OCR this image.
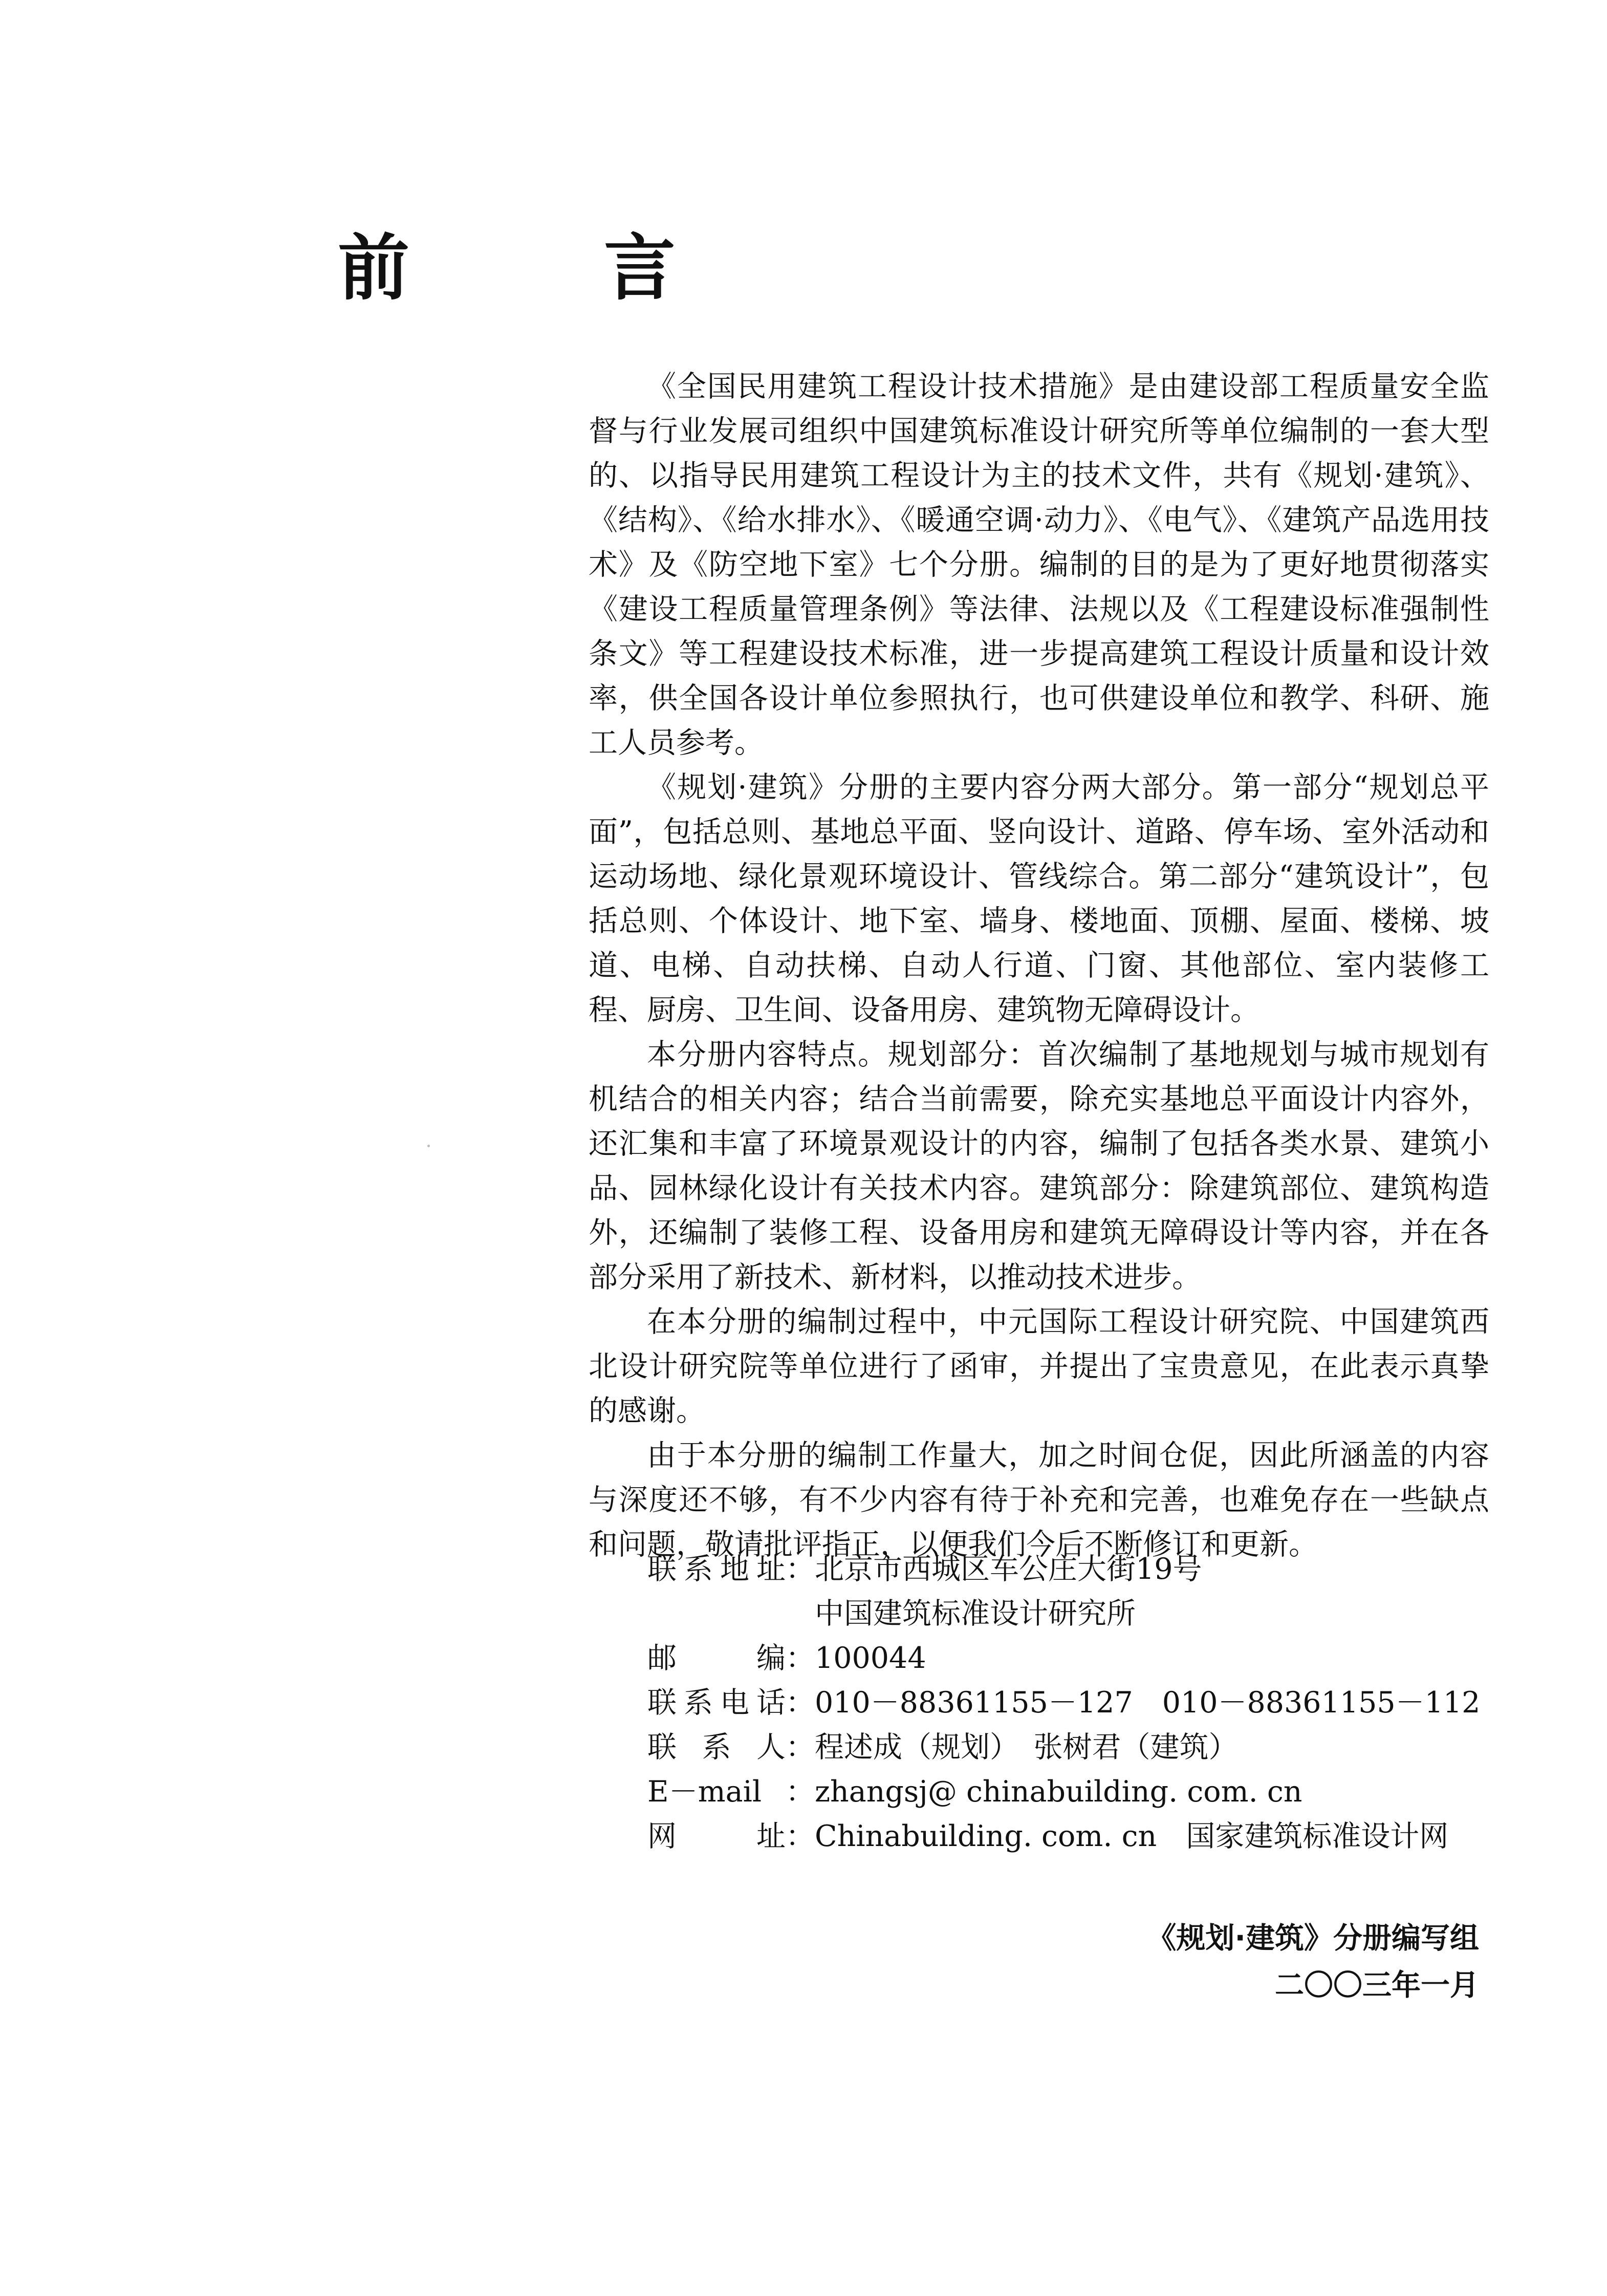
前　言

《全国民用建筑工程设计技术措施》是由建设部工程质量安全监督与行业发展司组织中国建筑标准设计研究所等单位编制的一套大型的、以指导民用建筑工程设计为主的技术文件，共有《规划·建筑》、《结构》、《给水排水》、《暖通空调·动力》、《电气》、《建筑产品选用技术》及《防空地下室》七个分册。编制的目的是为了更好地贯彻落实《建设工程质量管理条例》等法律、法规以及《工程建设标准强制性条文》等工程建设技术标准，进一步提高建筑工程设计质量和设计效率，供全国各设计单位参照执行，也可供建设单位和教学、科研、施工人员参考。

《规划·建筑》分册的主要内容分两大部分。第一部分“规划总平面”，包括总则、基地总平面、竖向设计、道路、停车场、室外活动和运动场地、绿化景观环境设计、管线综合。第二部分“建筑设计”，包括总则、个体设计、地下室、墙身、楼地面、顶棚、屋面、楼梯、坡道、电梯、自动扶梯、自动人行道、门窗、其他部位、室内装修工程、厨房、卫生间、设备用房、建筑物无障碍设计。

本分册内容特点。规划部分：首次编制了基地规划与城市规划有机结合的相关内容；结合当前需要，除充实基地总平面设计内容外，还汇集和丰富了环境景观设计的内容，编制了包括各类水景、建筑小品、园林绿化设计有关技术内容。建筑部分：除建筑部位、建筑构造外，还编制了装修工程、设备用房和建筑无障碍设计等内容，并在各部分采用了新技术、新材料，以推动技术进步。

在本分册的编制过程中，中元国际工程设计研究院、中国建筑西北设计研究院等单位进行了函审，并提出了宝贵意见，在此表示真挚的感谢。

由于本分册的编制工作量大，加之时间仓促，因此所涵盖的内容与深度还不够，有不少内容有待于补充和完善，也难免存在一些缺点和问题，敬请批评指正，以便我们今后不断修订和更新。

联系地址 ： 北京市西城区车公庄大街19号
中国建筑标准设计研究所
邮编 ： 100044
联系电话 ： 010－88361155－127　010－88361155－112
联系人 ： 程述成（规划）　张树君（建筑）
E－mail ： zhangsj@ chinabuilding. com. cn
网址 ： Chinabuilding. com. cn　国家建筑标准设计网
《规划·建筑》分册编写组
二〇〇三年一月
